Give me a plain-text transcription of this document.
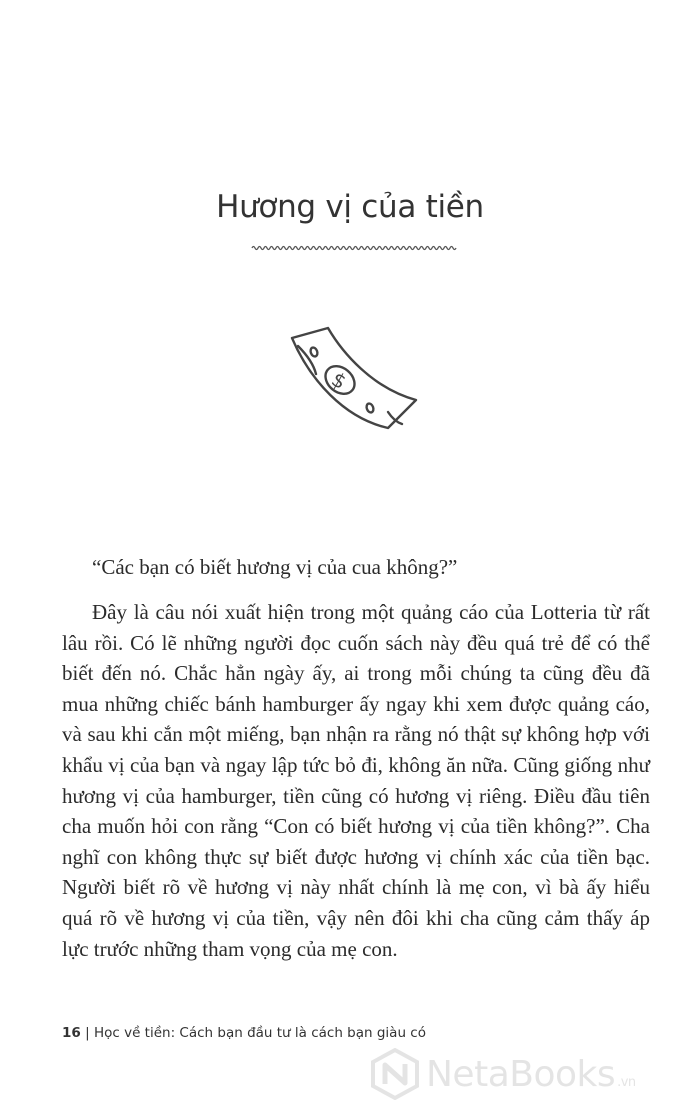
Hương vị của tiền
$

“Các bạn có biết hương vị của cua không?”

Đây là câu nói xuất hiện trong một quảng cáo của Lotteria từ rất lâu rồi. Có lẽ những người đọc cuốn sách này đều quá trẻ để có thể biết đến nó. Chắc hẳn ngày ấy, ai trong mỗi chúng ta cũng đều đã mua những chiếc bánh hamburger ấy ngay khi xem được quảng cáo, và sau khi cắn một miếng, bạn nhận ra rằng nó thật sự không hợp với khẩu vị của bạn và ngay lập tức bỏ đi, không ăn nữa. Cũng giống như hương vị của hamburger, tiền cũng có hương vị riêng. Điều đầu tiên cha muốn hỏi con rằng “Con có biết hương vị của tiền không?”. Cha nghĩ con không thực sự biết được hương vị chính xác của tiền bạc. Người biết rõ về hương vị này nhất chính là mẹ con, vì bà ấy hiểu quá rõ về hương vị của tiền, vậy nên đôi khi cha cũng cảm thấy áp lực trước những tham vọng của mẹ con.

16 | Học về tiền: Cách bạn đầu tư là cách bạn giàu có
NetaBooks .vn
